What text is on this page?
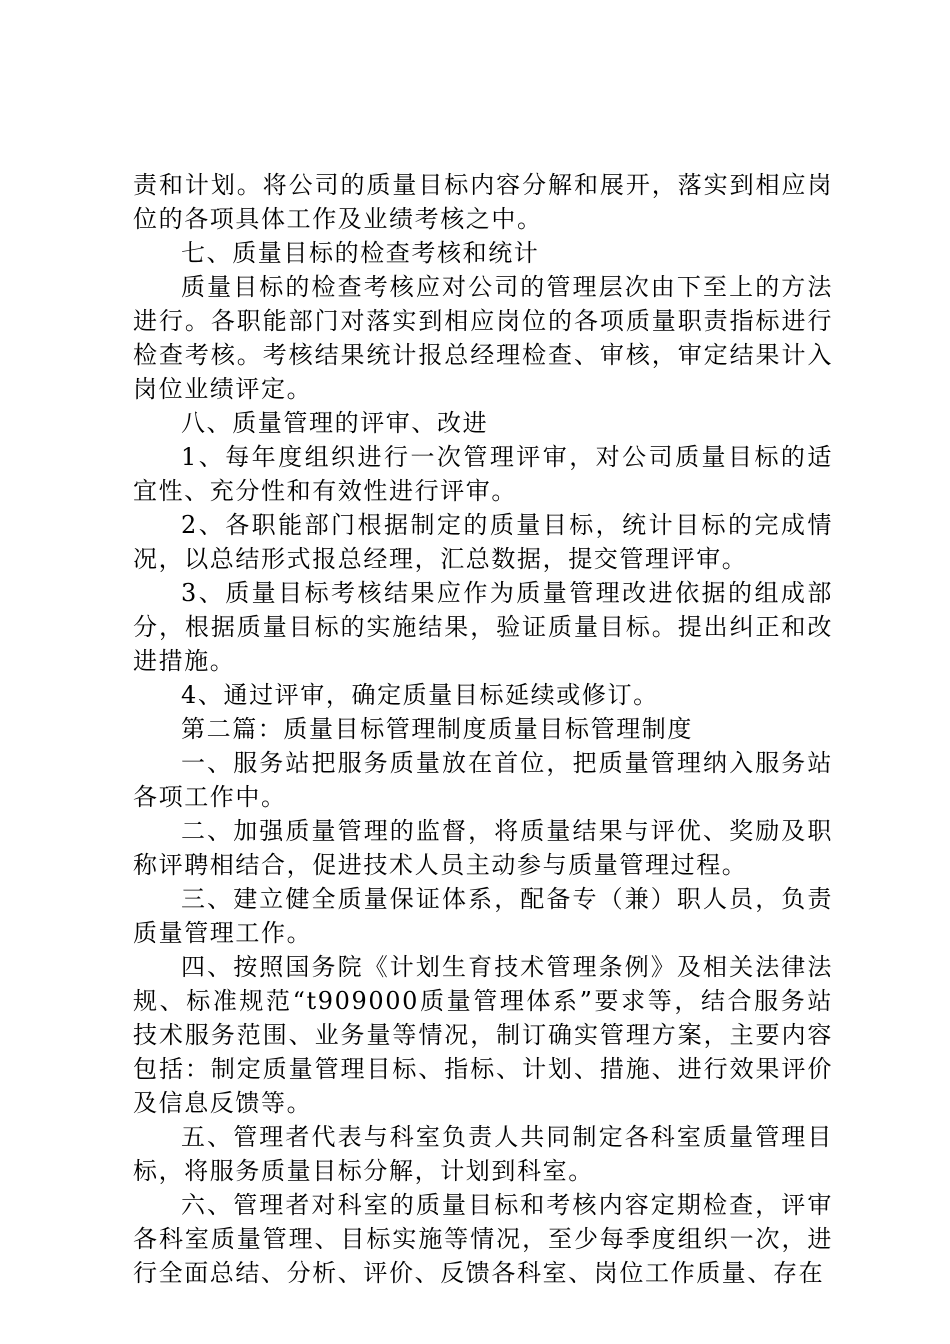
责和计划。将公司的质量目标内容分解和展开，落实到相应岗位的各项具体工作及业绩考核之中。

七、质量目标的检查考核和统计

质量目标的检查考核应对公司的管理层次由下至上的方法进行。各职能部门对落实到相应岗位的各项质量职责指标进行检查考核。考核结果统计报总经理检查、审核，审定结果计入岗位业绩评定。

八、质量管理的评审、改进

1、每年度组织进行一次管理评审，对公司质量目标的适宜性、充分性和有效性进行评审。

2、各职能部门根据制定的质量目标，统计目标的完成情况，以总结形式报总经理，汇总数据，提交管理评审。

3、质量目标考核结果应作为质量管理改进依据的组成部分，根据质量目标的实施结果，验证质量目标。提出纠正和改进措施。

4、通过评审，确定质量目标延续或修订。

第二篇：质量目标管理制度质量目标管理制度

一、服务站把服务质量放在首位，把质量管理纳入服务站各项工作中。

二、加强质量管理的监督，将质量结果与评优、奖励及职称评聘相结合，促进技术人员主动参与质量管理过程。

三、建立健全质量保证体系，配备专（兼）职人员，负责质量管理工作。

四、按照国务院《计划生育技术管理条例》及相关法律法规、标准规范“t909000质量管理体系”要求等，结合服务站技术服务范围、业务量等情况，制订确实管理方案，主要内容包括：制定质量管理目标、指标、计划、措施、进行效果评价及信息反馈等。

五、管理者代表与科室负责人共同制定各科室质量管理目标，将服务质量目标分解，计划到科室。

六、管理者对科室的质量目标和考核内容定期检查，评审各科室质量管理、目标实施等情况，至少每季度组织一次，进行全面总结、分析、评价、反馈各科室、岗位工作质量、存在
